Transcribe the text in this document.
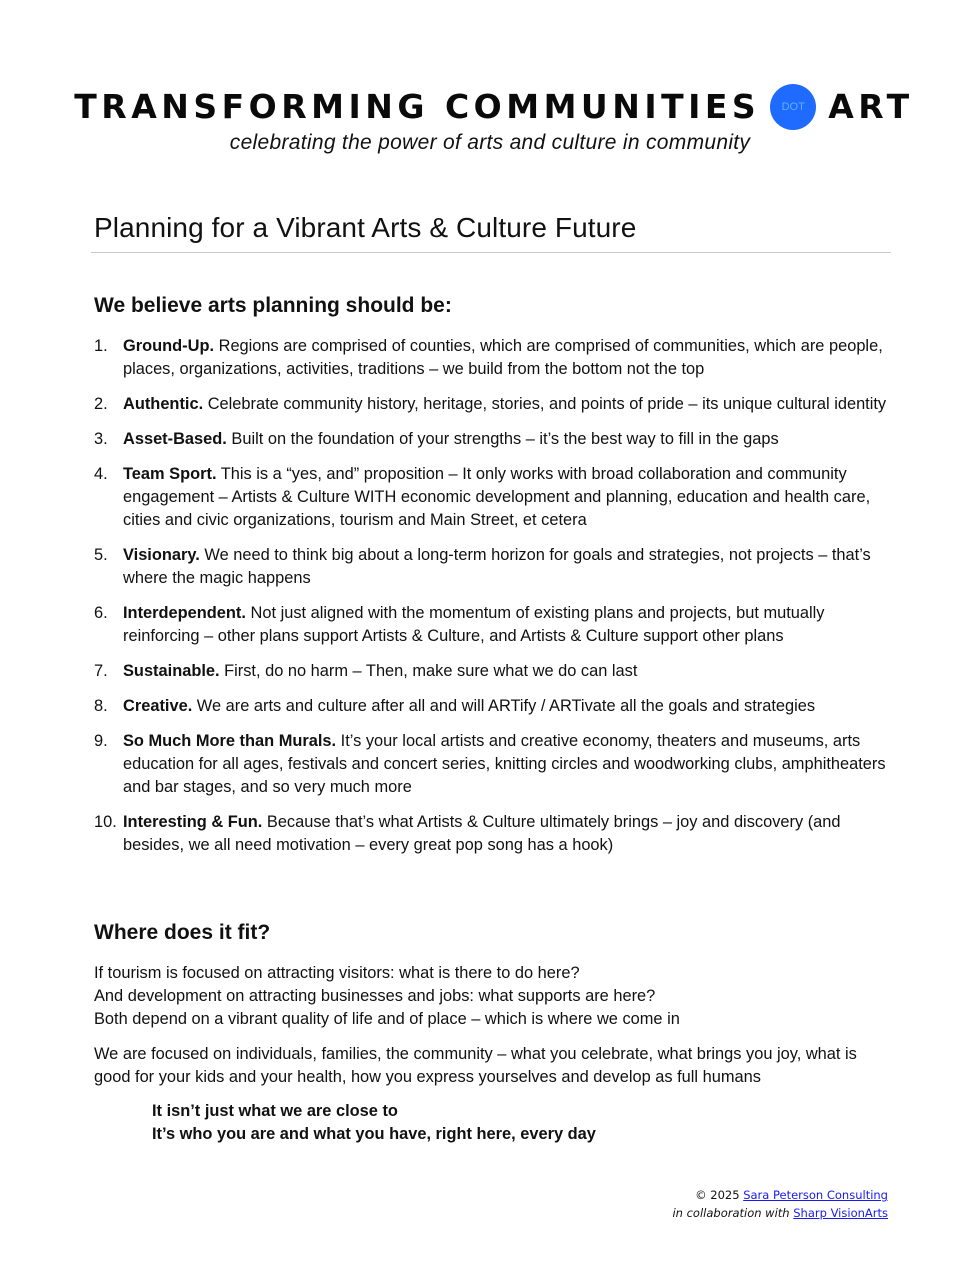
TRANSFORMING COMMUNITIES	DOT ART
celebrating the power of arts and culture in community
Planning for a Vibrant Arts & Culture Future
We believe arts planning should be:
1. Ground-Up. Regions are comprised of counties, which are comprised of communities, which are people, places, organizations, activities, traditions – we build from the bottom not the top
2. Authentic. Celebrate community history, heritage, stories, and points of pride – its unique cultural identity
3. Asset-Based. Built on the foundation of your strengths – it’s the best way to fill in the gaps
4. Team Sport. This is a “yes, and” proposition – It only works with broad collaboration and community engagement – Artists & Culture WITH economic development and planning, education and health care, cities and civic organizations, tourism and Main Street, et cetera
5. Visionary. We need to think big about a long-term horizon for goals and strategies, not projects – that’s where the magic happens
6. Interdependent. Not just aligned with the momentum of existing plans and projects, but mutually reinforcing – other plans support Artists & Culture, and Artists & Culture support other plans
7. Sustainable. First, do no harm – Then, make sure what we do can last
8. Creative. We are arts and culture after all and will ARTify / ARTivate all the goals and strategies
9. So Much More than Murals. It’s your local artists and creative economy, theaters and museums, arts education for all ages, festivals and concert series, knitting circles and woodworking clubs, amphitheaters and bar stages, and so very much more
10. Interesting & Fun. Because that’s what Artists & Culture ultimately brings – joy and discovery (and besides, we all need motivation – every great pop song has a hook)
Where does it fit?

If tourism is focused on attracting visitors: what is there to do here?

And development on attracting businesses and jobs: what supports are here?

Both depend on a vibrant quality of life and of place – which is where we come in

We are focused on individuals, families, the community – what you celebrate, what brings you joy, what is good for your kids and your health, how you express yourselves and develop as full humans

It isn’t just what we are close to
It’s who you are and what you have, right here, every day
© 2025 Sara Peterson Consulting
in collaboration with Sharp VisionArts
